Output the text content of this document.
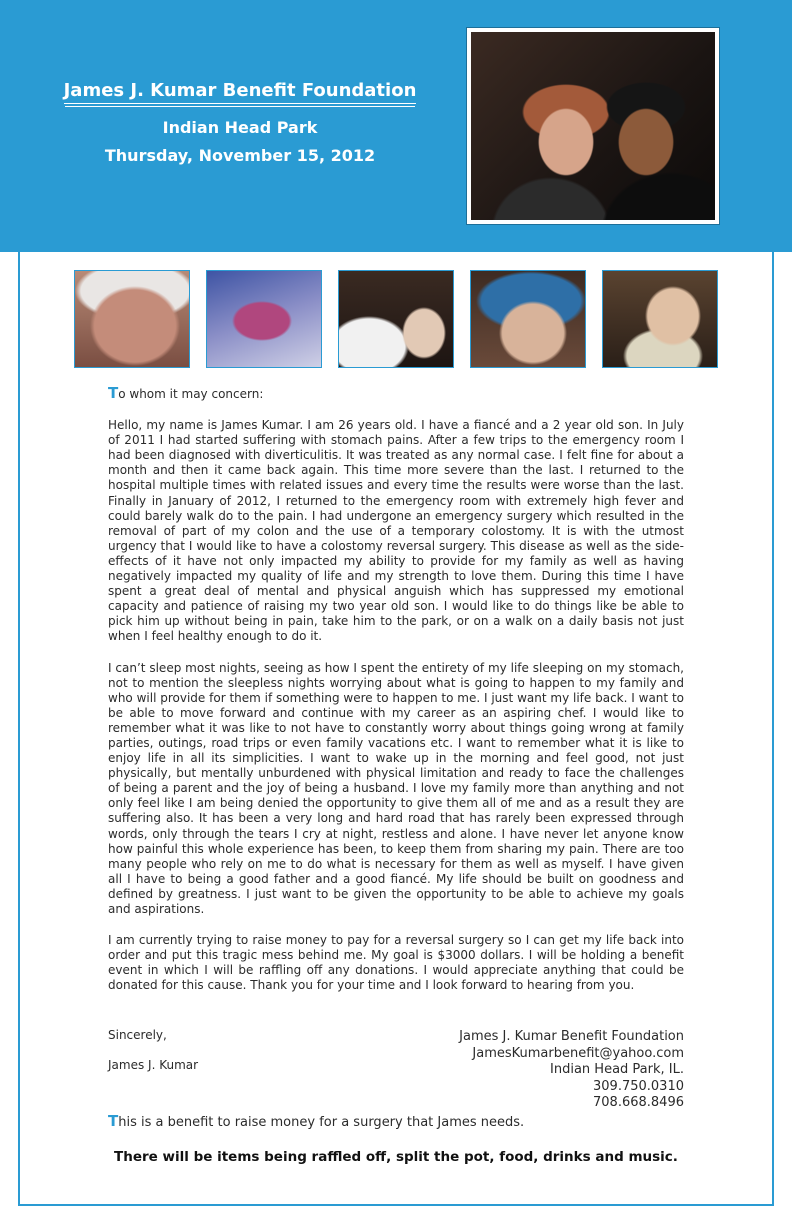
James J. Kumar Benefit Foundation
Indian Head Park
Thursday, November 15, 2012

To whom it may concern:

Hello, my name is James Kumar. I am 26 years old. I have a fiancé and a 2 year old son. In July of 2011 I had started suffering with stomach pains. After a few trips to the emergency room I had been diagnosed with diverticulitis. It was treated as any normal case. I felt fine for about a month and then it came back again. This time more severe than the last. I returned to the hospital multiple times with related issues and every time the results were worse than the last. Finally in January of 2012, I returned to the emergency room with extremely high fever and could barely walk do to the pain. I had undergone an emergency surgery which resulted in the removal of part of my colon and the use of a temporary colostomy. It is with the utmost urgency that I would like to have a colostomy reversal surgery. This disease as well as the side-effects of it have not only impacted my ability to provide for my family as well as having negatively impacted my quality of life and my strength to love them. During this time I have spent a great deal of mental and physical anguish which has suppressed my emotional capacity and patience of raising my two year old son. I would like to do things like be able to pick him up without being in pain, take him to the park, or on a walk on a daily basis not just when I feel healthy enough to do it.

I can’t sleep most nights, seeing as how I spent the entirety of my life sleeping on my stomach, not to mention the sleepless nights worrying about what is going to happen to my family and who will provide for them if something were to happen to me. I just want my life back. I want to be able to move forward and continue with my career as an aspiring chef. I would like to remember what it was like to not have to constantly worry about things going wrong at family parties, outings, road trips or even family vacations etc. I want to remember what it is like to enjoy life in all its simplicities. I want to wake up in the morning and feel good, not just physically, but mentally unburdened with physical limitation and ready to face the challenges of being a parent and the joy of being a husband. I love my family more than anything and not only feel like I am being denied the opportunity to give them all of me and as a result they are suffering also. It has been a very long and hard road that has rarely been expressed through words, only through the tears I cry at night, restless and alone. I have never let anyone know how painful this whole experience has been, to keep them from sharing my pain. There are too many people who rely on me to do what is necessary for them as well as myself. I have given all I have to being a good father and a good fiancé. My life should be built on goodness and defined by greatness. I just want to be given the opportunity to be able to achieve my goals and aspirations.

I am currently trying to raise money to pay for a reversal surgery so I can get my life back into order and put this tragic mess behind me. My goal is $3000 dollars. I will be holding a benefit event in which I will be raffling off any donations. I would appreciate anything that could be donated for this cause. Thank you for your time and I look forward to hearing from you.

Sincerely,
James J. Kumar
James J. Kumar Benefit Foundation
JamesKumarbenefit@yahoo.com
Indian Head Park, IL.
309.750.0310
708.668.8496
This is a benefit to raise money for a surgery that James needs.
There will be items being raffled off, split the pot, food, drinks and music.
